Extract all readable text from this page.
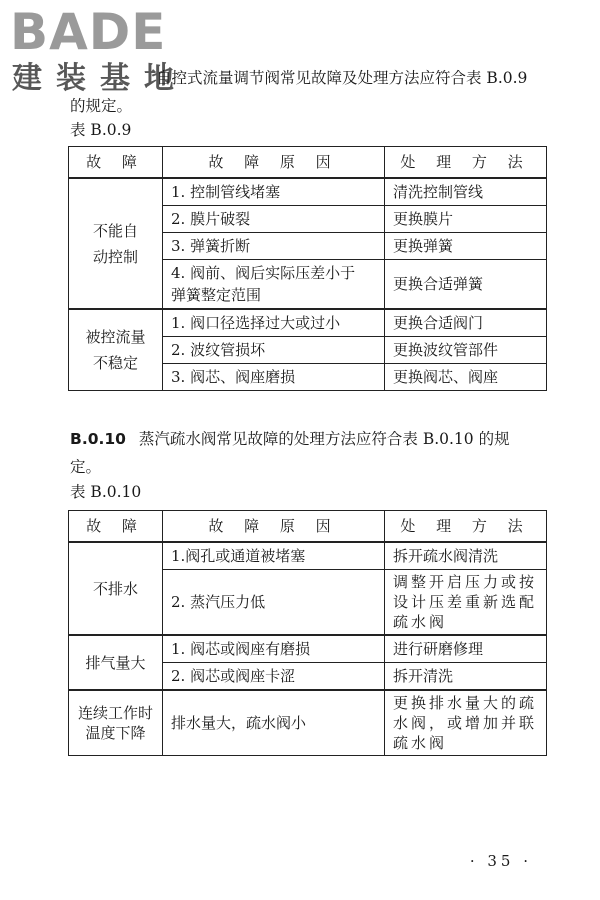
BADE
建装基地

自控式流量调节阀常见故障及处理方法应符合表 B.0.9
的规定。

表 B.0.9
故 障	故 障 原 因	处 理 方 法
不能自
动控制	1. 控制管线堵塞	清洗控制管线
	2. 膜片破裂	更换膜片
	3. 弹簧折断	更换弹簧
	4. 阀前、阀后实际压差小于
弹簧整定范围	更换合适弹簧
被控流量
不稳定	1. 阀口径选择过大或过小	更换合适阀门
	2. 波纹管损坏	更换波纹管部件
	3. 阀芯、阀座磨损	更换阀芯、阀座

B.0.10 蒸汽疏水阀常见故障的处理方法应符合表 B.0.10 的规
定。

表 B.0.10
故 障	故 障 原 因	处 理 方 法
不排水	1.阀孔或通道被堵塞	拆开疏水阀清洗
	2. 蒸汽压力低	调整开启压力或按
设计压差重新选配
疏水阀
排气量大	1. 阀芯或阀座有磨损	进行研磨修理
	2. 阀芯或阀座卡涩	拆开清洗
连续工作时
温度下降	排水量大，疏水阀小	更换排水量大的疏
水阀，或增加并联
疏水阀
· 35 ·
